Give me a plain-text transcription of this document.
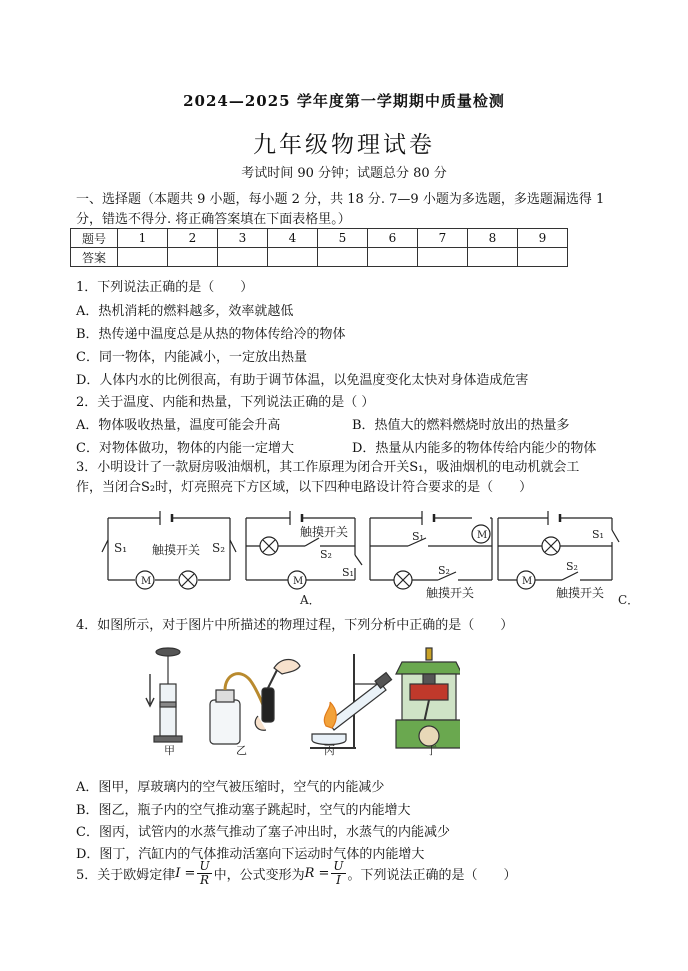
2024—2025 学年度第一学期期中质量检测
九年级物理试卷
考试时间 90 分钟；试题总分 80 分
一、选择题（本题共 9 小题，每小题 2 分，共 18 分. 7—9 小题为多选题，多选题漏选得 1
分，错选不得分. 将正确答案填在下面表格里。）
题号	1	2	3	4	5	6	7	8	9
答案									
1．下列说法正确的是（　　）
A．热机消耗的燃料越多，效率就越低
B．热传递中温度总是从热的物体传给冷的物体
C．同一物体，内能减小，一定放出热量
D．人体内水的比例很高，有助于调节体温，以免温度变化太快对身体造成危害
2．关于温度、内能和热量，下列说法正确的是（ ）
A．物体吸收热量，温度可能会升高	B．热值大的燃料燃烧时放出的热量多
C．对物体做功，物体的内能一定增大	D．热量从内能多的物体传给内能少的物体
3．小明设计了一款厨房吸油烟机，其工作原理为闭合开关S₁，吸油烟机的电动机就会工
作，当闭合S₂时，灯亮照亮下方区域，以下四种电路设计符合要求的是（　　）
M
S₁ 触摸开关 S₂
M
触摸开关
S₂
S₁
A．
M
S₁
S₂
触摸开关
M
S₁
S₂
触摸开关 C．
4．如图所示，对于图片中所描述的物理过程，下列分析中正确的是（　　）
甲	乙	丙	丁
A．图甲，厚玻璃内的空气被压缩时，空气的内能减少
B．图乙，瓶子内的空气推动塞子跳起时，空气的内能增大
C．图丙，试管内的水蒸气推动了塞子冲出时，水蒸气的内能减少
D．图丁，汽缸内的气体推动活塞向下运动时气体的内能增大
5．关于欧姆定律 $I = \frac{U}{R}$ 中，公式变形为 $R = \frac{U}{I}$ 。下列说法正确的是（　　）
